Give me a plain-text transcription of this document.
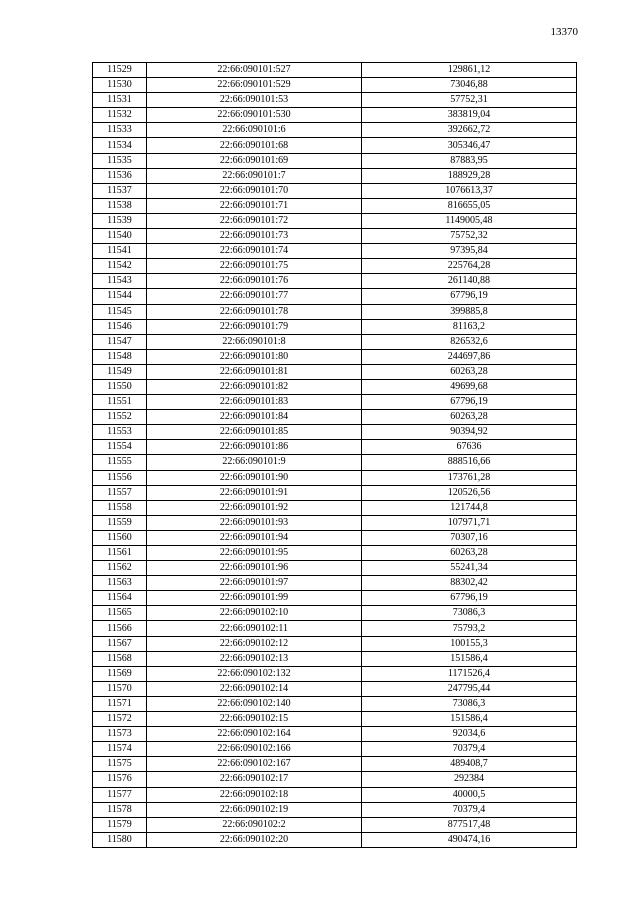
13370
11529	22:66:090101:527	129861,12
11530	22:66:090101:529	73046,88
11531	22:66:090101:53	57752,31
11532	22:66:090101:530	383819,04
11533	22:66:090101:6	392662,72
11534	22:66:090101:68	305346,47
11535	22:66:090101:69	87883,95
11536	22:66:090101:7	188929,28
11537	22:66:090101:70	1076613,37
11538	22:66:090101:71	816655,05
11539	22:66:090101:72	1149005,48
11540	22:66:090101:73	75752,32
11541	22:66:090101:74	97395,84
11542	22:66:090101:75	225764,28
11543	22:66:090101:76	261140,88
11544	22:66:090101:77	67796,19
11545	22:66:090101:78	399885,8
11546	22:66:090101:79	81163,2
11547	22:66:090101:8	826532,6
11548	22:66:090101:80	244697,86
11549	22:66:090101:81	60263,28
11550	22:66:090101:82	49699,68
11551	22:66:090101:83	67796,19
11552	22:66:090101:84	60263,28
11553	22:66:090101:85	90394,92
11554	22:66:090101:86	67636
11555	22:66:090101:9	888516,66
11556	22:66:090101:90	173761,28
11557	22:66:090101:91	120526,56
11558	22:66:090101:92	121744,8
11559	22:66:090101:93	107971,71
11560	22:66:090101:94	70307,16
11561	22:66:090101:95	60263,28
11562	22:66:090101:96	55241,34
11563	22:66:090101:97	88302,42
11564	22:66:090101:99	67796,19
11565	22:66:090102:10	73086,3
11566	22:66:090102:11	75793,2
11567	22:66:090102:12	100155,3
11568	22:66:090102:13	151586,4
11569	22:66:090102:132	1171526,4
11570	22:66:090102:14	247795,44
11571	22:66:090102:140	73086,3
11572	22:66:090102:15	151586,4
11573	22:66:090102:164	92034,6
11574	22:66:090102:166	70379,4
11575	22:66:090102:167	489408,7
11576	22:66:090102:17	292384
11577	22:66:090102:18	40000,5
11578	22:66:090102:19	70379,4
11579	22:66:090102:2	877517,48
11580	22:66:090102:20	490474,16
